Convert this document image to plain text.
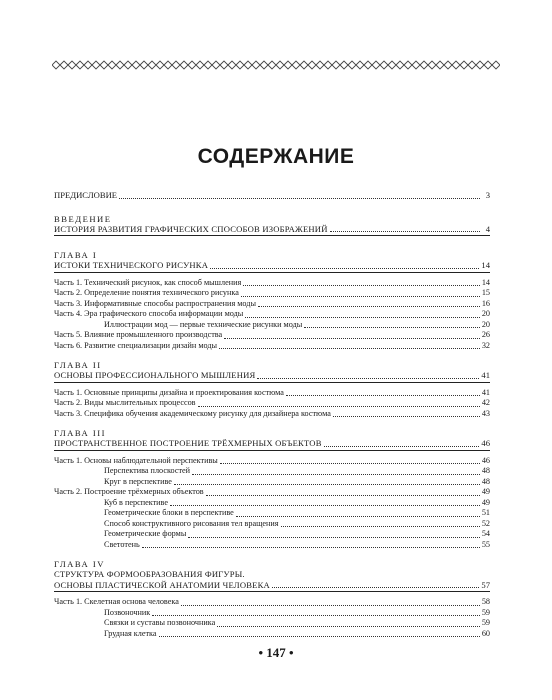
СОДЕРЖАНИЕ
ПРЕДИСЛОВИЕ	3
ВВЕДЕНИЕ
ИСТОРИЯ РАЗВИТИЯ ГРАФИЧЕСКИХ СПОСОБОВ ИЗОБРАЖЕНИЙ	4
ГЛАВА I
ИСТОКИ ТЕХНИЧЕСКОГО РИСУНКА	14
Часть 1. Технический рисунок, как способ мышления	14
Часть 2. Определение понятия технического рисунка	15
Часть 3. Информативные способы распространения моды	16
Часть 4. Эра графического способа информации моды	20
Иллюстрации мод — первые технические рисунки моды	20
Часть 5. Влияние промышленного производства	26
Часть 6. Развитие специализации дизайн моды	32
ГЛАВА II
ОСНОВЫ ПРОФЕССИОНАЛЬНОГО МЫШЛЕНИЯ	41
Часть 1. Основные принципы дизайна и проектирования костюма	41
Часть 2. Виды мыслительных процессов	42
Часть 3. Специфика обучения академическому рисунку для дизайнера костюма	43
ГЛАВА III
ПРОСТРАНСТВЕННОЕ ПОСТРОЕНИЕ ТРЁХМЕРНЫХ ОБЪЕКТОВ	46
Часть 1. Основы наблюдательной перспективы	46
Перспектива плоскостей	48
Круг в перспективе	48
Часть 2. Построение трёхмерных объектов	49
Куб в перспективе	49
Геометрические блоки в перспективе	51
Способ конструктивного рисования тел вращения	52
Геометрические формы	54
Светотень	55
ГЛАВА IV
СТРУКТУРА ФОРМООБРАЗОВАНИЯ ФИГУРЫ.
ОСНОВЫ ПЛАСТИЧЕСКОЙ АНАТОМИИ ЧЕЛОВЕКА	57
Часть 1. Скелетная основа человека	58
Позвоночник	59
Связки и суставы позвоночника	59
Грудная клетка	60
• 147 •
